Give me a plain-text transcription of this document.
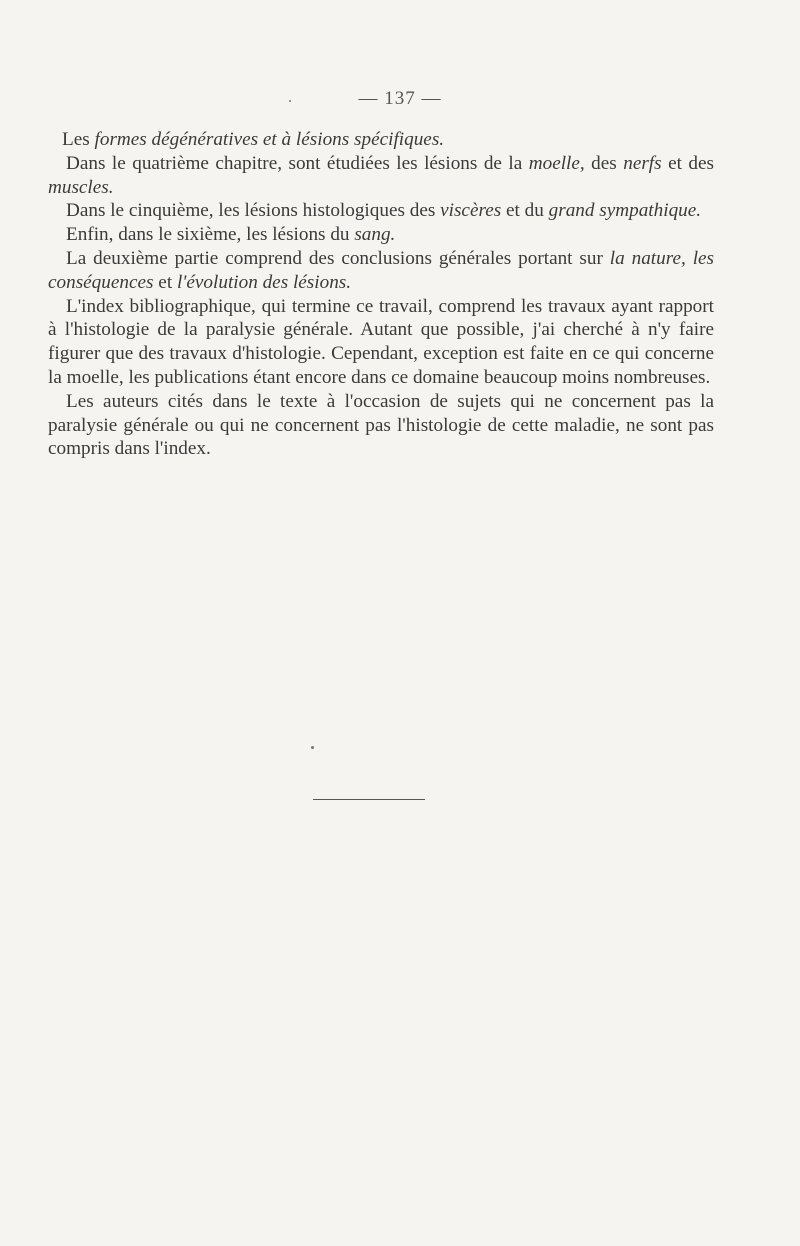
— 137 —

Les formes dégénératives et à lésions spécifiques.

Dans le quatrième chapitre, sont étudiées les lésions de la moelle, des nerfs et des muscles.

Dans le cinquième, les lésions histologiques des viscères et du grand sympathique.

Enfin, dans le sixième, les lésions du sang.

La deuxième partie comprend des conclusions générales portant sur la nature, les conséquences et l'évolution des lésions.

L'index bibliographique, qui termine ce travail, comprend les travaux ayant rapport à l'histologie de la paralysie générale. Autant que possible, j'ai cherché à n'y faire figurer que des travaux d'histologie. Cependant, exception est faite en ce qui concerne la moelle, les publications étant encore dans ce domaine beaucoup moins nombreuses.

Les auteurs cités dans le texte à l'occasion de sujets qui ne concernent pas la paralysie générale ou qui ne concernent pas l'histologie de cette maladie, ne sont pas compris dans l'index.
